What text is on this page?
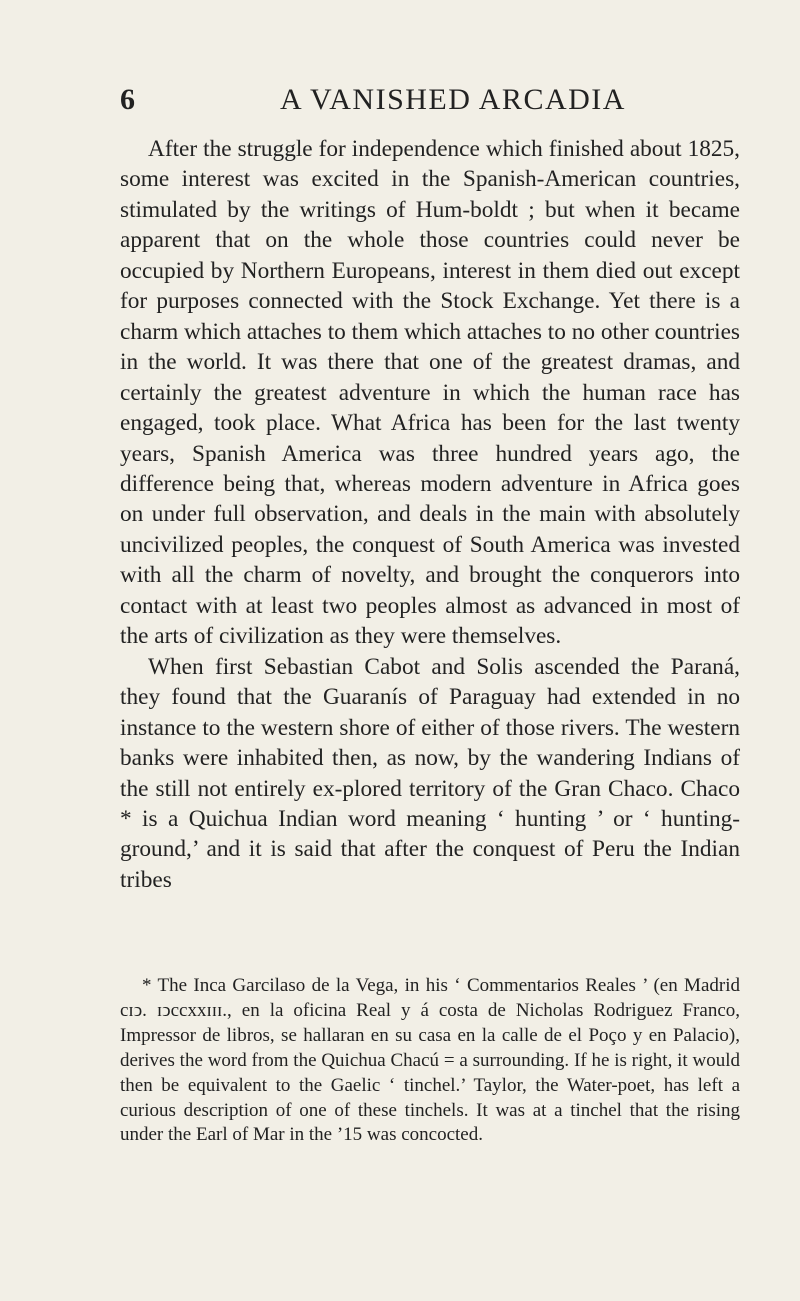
6	A VANISHED ARCADIA

After the struggle for independence which finished about 1825, some interest was excited in the Spanish-American countries, stimulated by the writings of Hum-boldt ; but when it became apparent that on the whole those countries could never be occupied by Northern Europeans, interest in them died out except for purposes connected with the Stock Exchange. Yet there is a charm which attaches to them which attaches to no other countries in the world. It was there that one of the greatest dramas, and certainly the greatest adventure in which the human race has engaged, took place. What Africa has been for the last twenty years, Spanish America was three hundred years ago, the difference being that, whereas modern adventure in Africa goes on under full observation, and deals in the main with absolutely uncivilized peoples, the conquest of South America was invested with all the charm of novelty, and brought the conquerors into contact with at least two peoples almost as advanced in most of the arts of civilization as they were themselves.

When first Sebastian Cabot and Solis ascended the Paraná, they found that the Guaranís of Paraguay had extended in no instance to the western shore of either of those rivers. The western banks were inhabited then, as now, by the wandering Indians of the still not entirely ex-plored territory of the Gran Chaco. Chaco * is a Quichua Indian word meaning ‘ hunting ’ or ‘ hunting-ground,’ and it is said that after the conquest of Peru the Indian tribes

* The Inca Garcilaso de la Vega, in his ‘ Commentarios Reales ’ (en Madrid cɪↄ. ɪↄccxxɪɪɪ., en la oficina Real y á costa de Nicholas Rodriguez Franco, Impressor de libros, se hallaran en su casa en la calle de el Poço y en Palacio), derives the word from the Quichua Chacú = a surrounding. If he is right, it would then be equivalent to the Gaelic ‘ tinchel.’ Taylor, the Water-poet, has left a curious description of one of these tinchels. It was at a tinchel that the rising under the Earl of Mar in the ’15 was concocted.
